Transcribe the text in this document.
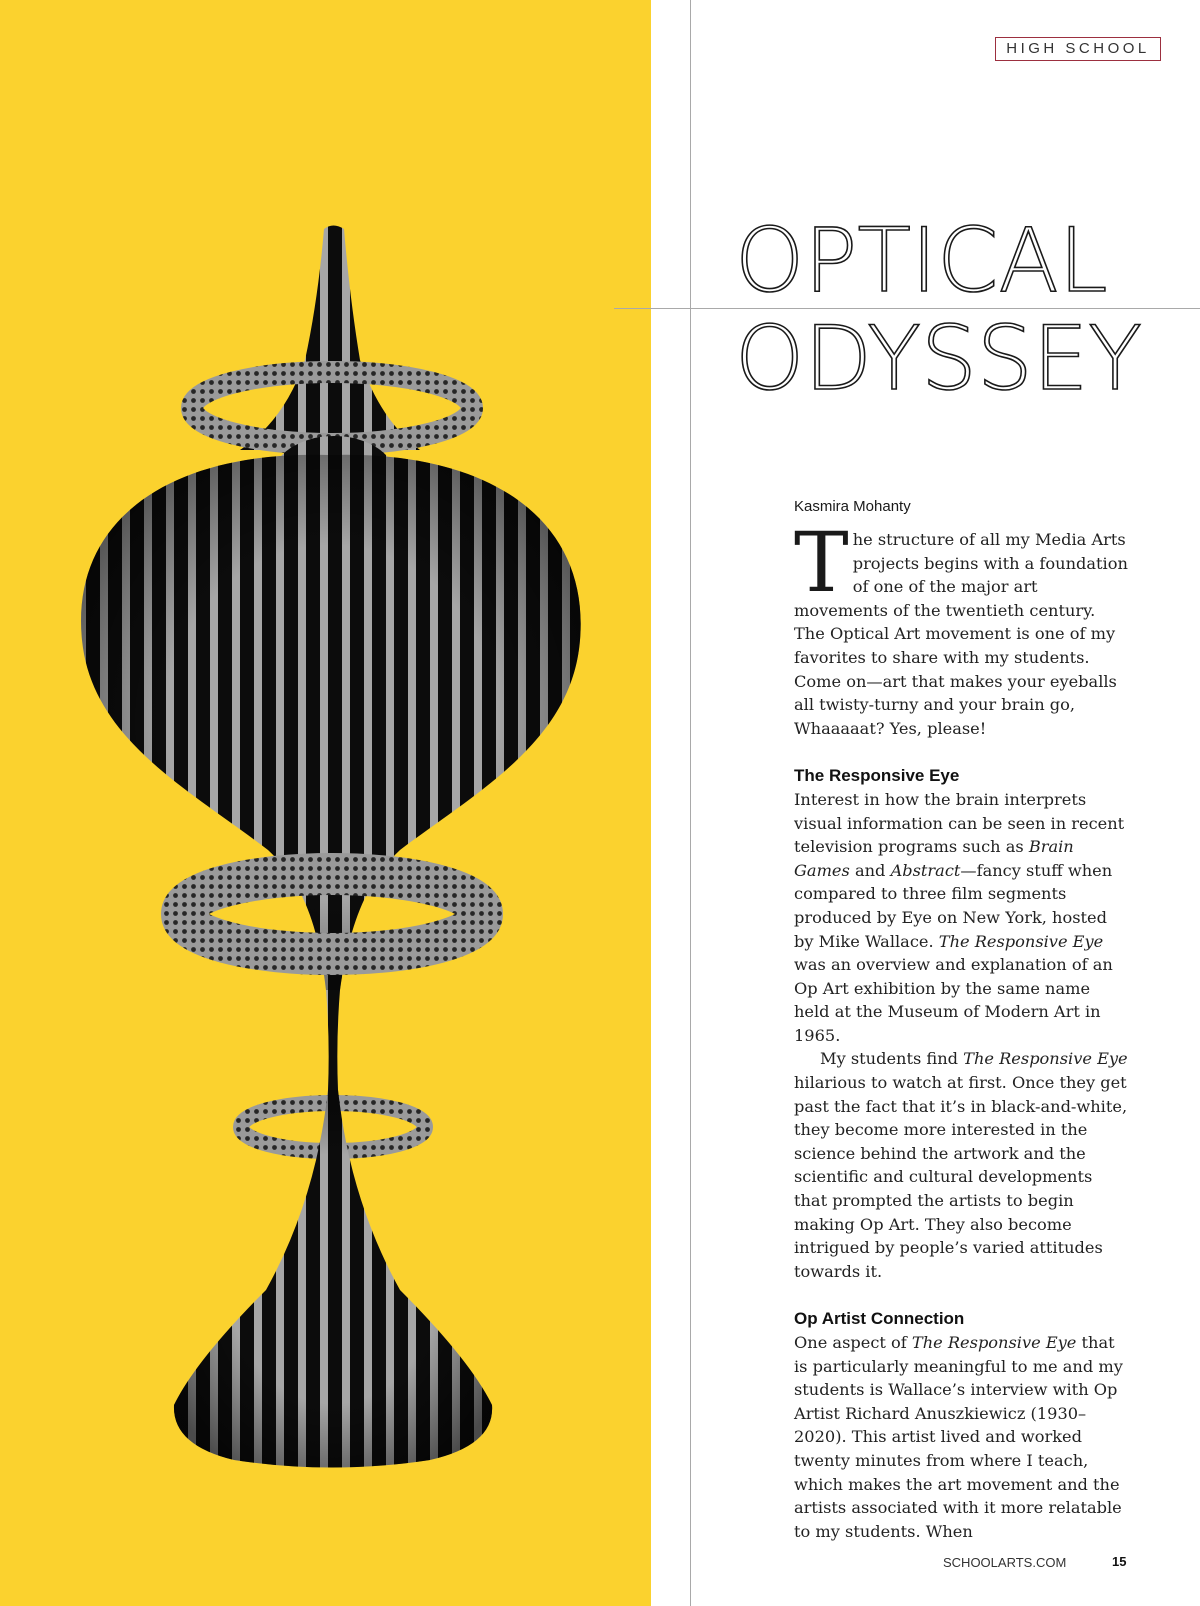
HIGH SCHOOL
OPTICAL
ODYSSEY
Kasmira Mohanty

The structure of all my Media Arts projects begins with a foundation of one of the major art movements of the twentieth century. The Optical Art movement is one of my favorites to share with my students. Come on—art that makes your eyeballs all twisty-turny and your brain go, Whaaaaat? Yes, please!

The Responsive Eye

Interest in how the brain interprets visual information can be seen in recent television programs such as Brain Games and Abstract—fancy stuff when compared to three film segments produced by Eye on New York, hosted by Mike Wallace. The Responsive Eye was an overview and explanation of an Op Art exhibition by the same name held at the Museum of Modern Art in 1965.

My students find The Responsive Eye hilarious to watch at first. Once they get past the fact that it’s in black-and-white, they become more interested in the science behind the artwork and the scientific and cultural developments that prompted the artists to begin making Op Art. They also become intrigued by people’s varied attitudes towards it.

Op Artist Connection

One aspect of The Responsive Eye that is particularly meaningful to me and my students is Wallace’s interview with Op Artist Richard Anuszkiewicz (1930–2020). This artist lived and worked twenty minutes from where I teach, which makes the art movement and the artists associated with it more relatable to my students. When

SCHOOLARTS.COM	15
